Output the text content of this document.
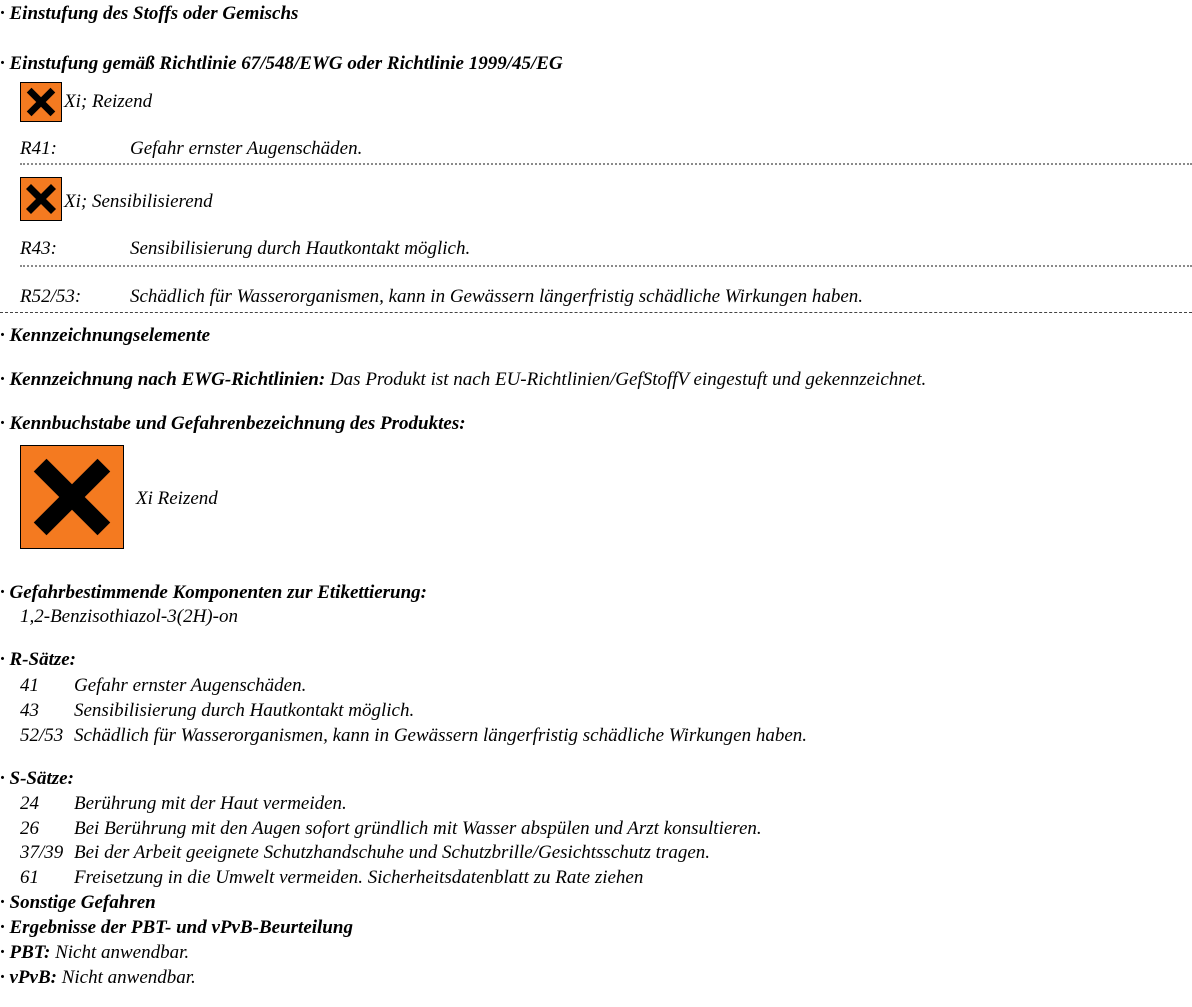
· Einstufung des Stoffs oder Gemischs
· Einstufung gemäß Richtlinie 67/548/EWG oder Richtlinie 1999/45/EG
Xi; Reizend
R41:	Gefahr ernster Augenschäden.
Xi; Sensibilisierend
R43:	Sensibilisierung durch Hautkontakt möglich.
R52/53:	Schädlich für Wasserorganismen, kann in Gewässern längerfristig schädliche Wirkungen haben.
· Kennzeichnungselemente
· Kennzeichnung nach EWG-Richtlinien: Das Produkt ist nach EU-Richtlinien/GefStoffV eingestuft und gekennzeichnet.
· Kennbuchstabe und Gefahrenbezeichnung des Produktes:
Xi Reizend
· Gefahrbestimmende Komponenten zur Etikettierung:
1,2-Benzisothiazol-3(2H)-on
· R-Sätze:
41 Gefahr ernster Augenschäden.
43 Sensibilisierung durch Hautkontakt möglich.
52/53 Schädlich für Wasserorganismen, kann in Gewässern längerfristig schädliche Wirkungen haben.
· S-Sätze:
24 Berührung mit der Haut vermeiden.
26 Bei Berührung mit den Augen sofort gründlich mit Wasser abspülen und Arzt konsultieren.
37/39 Bei der Arbeit geeignete Schutzhandschuhe und Schutzbrille/Gesichtsschutz tragen.
61 Freisetzung in die Umwelt vermeiden. Sicherheitsdatenblatt zu Rate ziehen
· Sonstige Gefahren
· Ergebnisse der PBT- und vPvB-Beurteilung
· PBT: Nicht anwendbar.
· vPvB: Nicht anwendbar.
